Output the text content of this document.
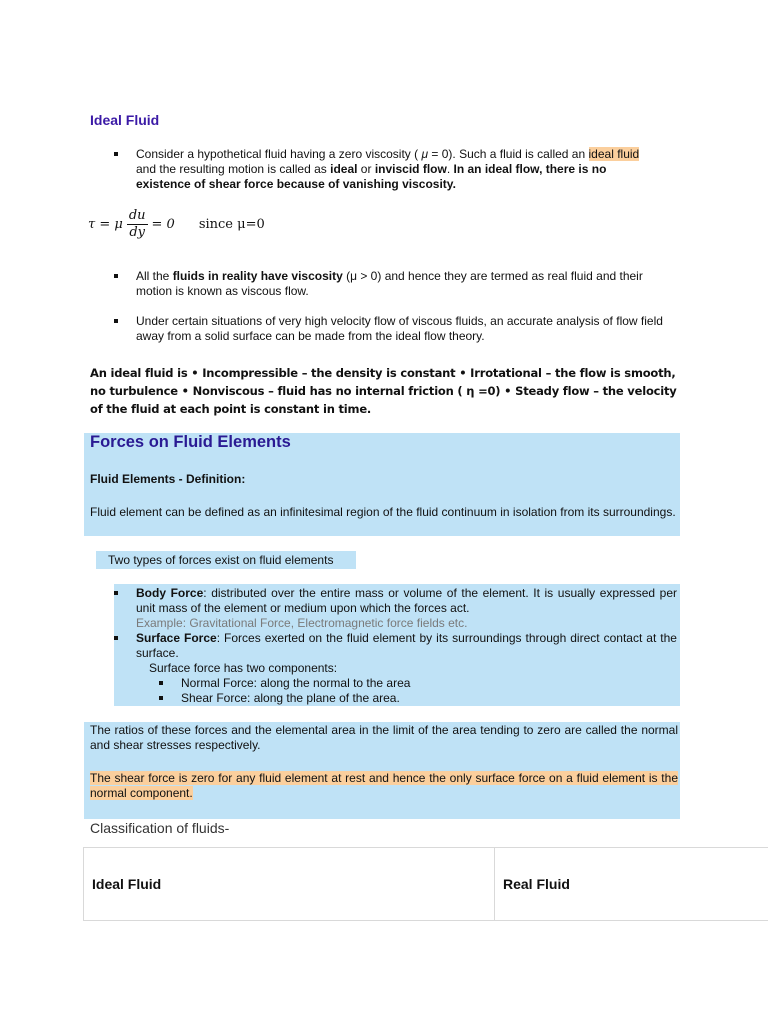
Ideal Fluid
Consider a hypothetical fluid having a zero viscosity ( μ = 0). Such a fluid is called an ideal fluid and the resulting motion is called as ideal or inviscid flow. In an ideal flow, there is no existence of shear force because of vanishing viscosity.
τ = μ $\frac{du}{dy} = 0$ since μ=0
All the fluids in reality have viscosity (μ > 0) and hence they are termed as real fluid and their motion is known as viscous flow.
Under certain situations of very high velocity flow of viscous fluids, an accurate analysis of flow field away from a solid surface can be made from the ideal flow theory.
An ideal fluid is • Incompressible – the density is constant • Irrotational – the flow is smooth, no turbulence • Nonviscous – fluid has no internal friction ( η =0) • Steady flow – the velocity of the fluid at each point is constant in time.
Forces on Fluid Elements
Fluid Elements - Definition:
Fluid element can be defined as an infinitesimal region of the fluid continuum in isolation from its surroundings.
Two types of forces exist on fluid elements
Body Force: distributed over the entire mass or volume of the element. It is usually expressed per unit mass of the element or medium upon which the forces act.
Example: Gravitational Force, Electromagnetic force fields etc.
Surface Force: Forces exerted on the fluid element by its surroundings through direct contact at the surface.
Surface force has two components:
Normal Force: along the normal to the area
Shear Force: along the plane of the area.
The ratios of these forces and the elemental area in the limit of the area tending to zero are called the normal and shear stresses respectively.
The shear force is zero for any fluid element at rest and hence the only surface force on a fluid element is the normal component.
Classification of fluids-
Ideal Fluid	Real Fluid
